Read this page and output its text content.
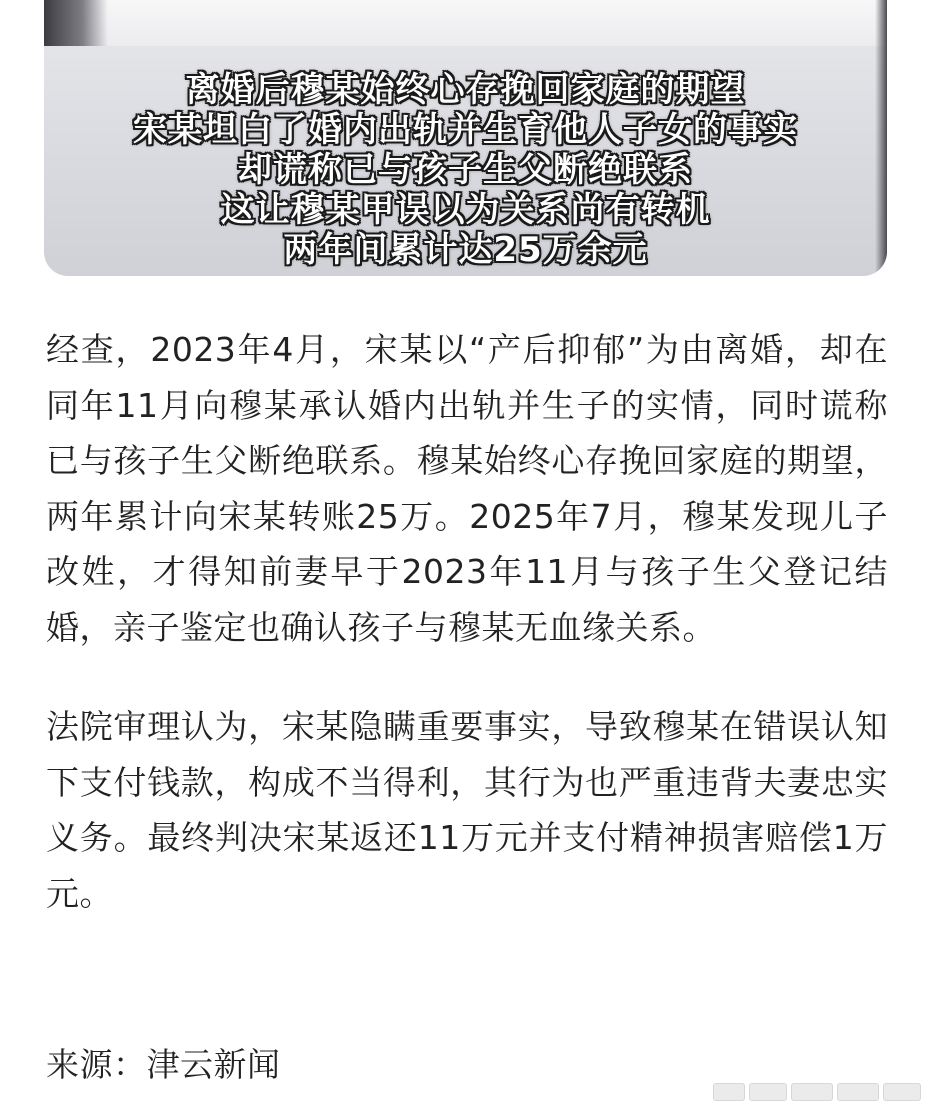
离婚后穆某始终心存挽回家庭的期望
宋某坦白了婚内出轨并生育他人子女的事实
却谎称已与孩子生父断绝联系
这让穆某甲误以为关系尚有转机
两年间累计达25万余元

经查，2023年4月，宋某以“产后抑郁”为由离婚，却在同年11月向穆某承认婚内出轨并生子的实情，同时谎称已与孩子生父断绝联系。穆某始终心存挽回家庭的期望，两年累计向宋某转账25万。2025年7月，穆某发现儿子改姓，才得知前妻早于2023年11月与孩子生父登记结婚，亲子鉴定也确认孩子与穆某无血缘关系。

法院审理认为，宋某隐瞒重要事实，导致穆某在错误认知下支付钱款，构成不当得利，其行为也严重违背夫妻忠实义务。最终判决宋某返还11万元并支付精神损害赔偿1万元。

来源：津云新闻
